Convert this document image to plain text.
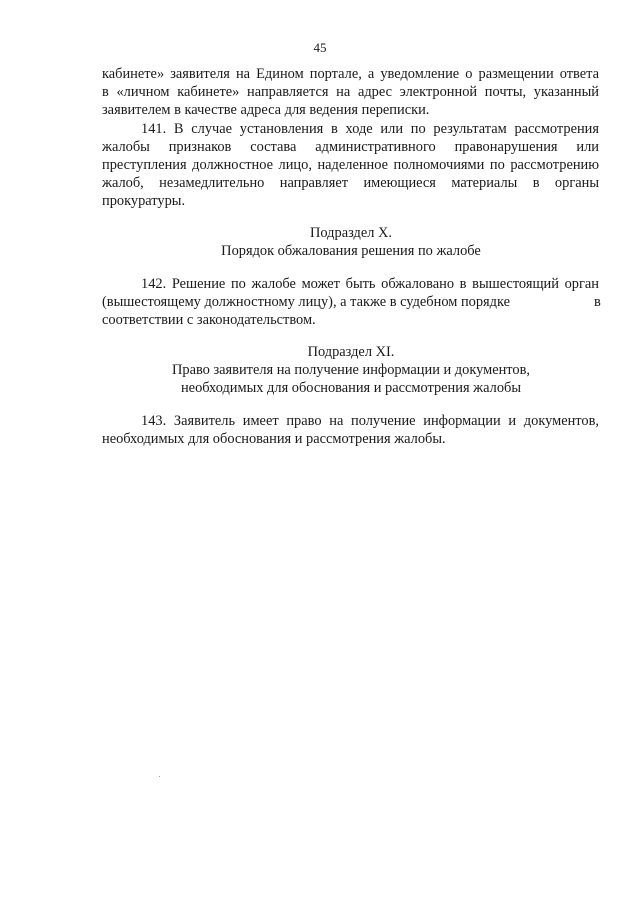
45
кабинете» заявителя на Едином портале, а уведомление о размещении ответа
в «личном кабинете» направляется на адрес электронной почты, указанный
заявителем в качестве адреса для ведения переписки.
141. В случае установления в ходе или по результатам рассмотрения
жалобы признаков состава административного правонарушения или
преступления должностное лицо, наделенное полномочиями по рассмотрению
жалоб, незамедлительно направляет имеющиеся материалы в органы
прокуратуры.
Подраздел X.
Порядок обжалования решения по жалобе
142. Решение по жалобе может быть обжаловано в вышестоящий орган
(вышестоящему должностному лицу), а также в судебном порядке	в
соответствии с законодательством.
Подраздел XI.
Право заявителя на получение информации и документов,
необходимых для обоснования и рассмотрения жалобы
143. Заявитель имеет право на получение информации и документов,
необходимых для обоснования и рассмотрения жалобы.
